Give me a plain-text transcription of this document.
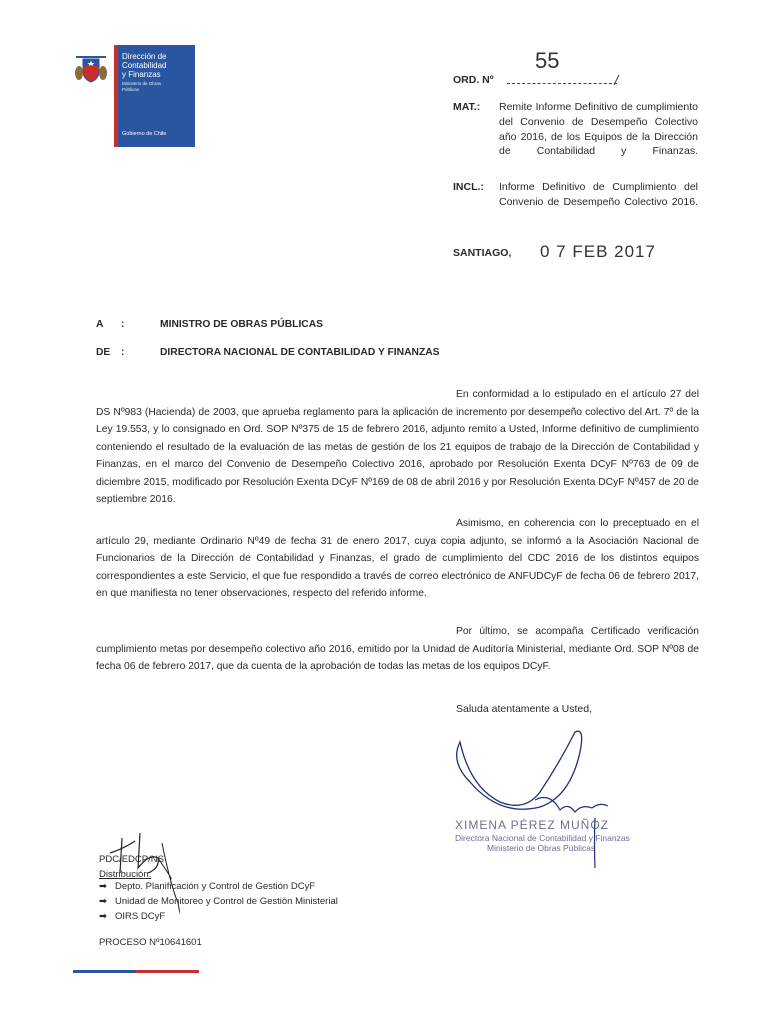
Dirección de
Contabilidad
y Finanzas
Ministerio de Obras
Públicas
Gobierno de Chile
55
ORD. Nº
MAT.: Remite Informe Definitivo de cumplimiento del Convenio de Desempeño Colectivo año 2016, de los Equipos de la Dirección de Contabilidad y Finanzas.
INCL.: Informe Definitivo de Cumplimiento del Convenio de Desempeño Colectivo 2016.
SANTIAGO, 0 7 FEB 2017
A :	MINISTRO DE OBRAS PÚBLICAS
DE :	DIRECTORA NACIONAL DE CONTABILIDAD Y FINANZAS
En conformidad a lo estipulado en el artículo 27 del DS Nº983 (Hacienda) de 2003, que aprueba reglamento para la aplicación de incremento por desempeño colectivo del Art. 7º de la Ley 19.553, y lo consignado en Ord. SOP Nº375 de 15 de febrero 2016, adjunto remito a Usted, Informe definitivo de cumplimiento conteniendo el resultado de la evaluación de las metas de gestión de los 21 equipos de trabajo de la Dirección de Contabilidad y Finanzas, en el marco del Convenio de Desempeño Colectivo 2016, aprobado por Resolución Exenta DCyF Nº763 de 09 de diciembre 2015, modificado por Resolución Exenta DCyF Nº169 de 08 de abril 2016 y por Resolución Exenta DCyF Nº457 de 20 de septiembre 2016.
Asimismo, en coherencia con lo preceptuado en el artículo 29, mediante Ordinario Nº49 de fecha 31 de enero 2017, cuya copia adjunto, se informó a la Asociación Nacional de Funcionarios de la Dirección de Contabilidad y Finanzas, el grado de cumplimiento del CDC 2016 de los distintos equipos correspondientes a este Servicio, el que fue respondido a través de correo electrónico de ANFUDCyF de fecha 06 de febrero 2017, en que manifiesta no tener observaciones, respecto del referido informe.
Por último, se acompaña Certificado verificación cumplimiento metas por desempeño colectivo año 2016, emitido por la Unidad de Auditoría Ministerial, mediante Ord. SOP Nº08 de fecha 06 de febrero 2017, que da cuenta de la aprobación de todas las metas de los equipos DCyF.
Saluda atentamente a Usted,
XIMENA PÉREZ MUÑOZ
Directora Nacional de Contabilidad y Finanzas
Ministerio de Obras Públicas
PDC/EDCP/NS
Distribución:
➡ Depto. Planificación y Control de Gestión DCyF
➡ Unidad de Monitoreo y Control de Gestión Ministerial
➡ OIRS DCyF
PROCESO Nº10641601
